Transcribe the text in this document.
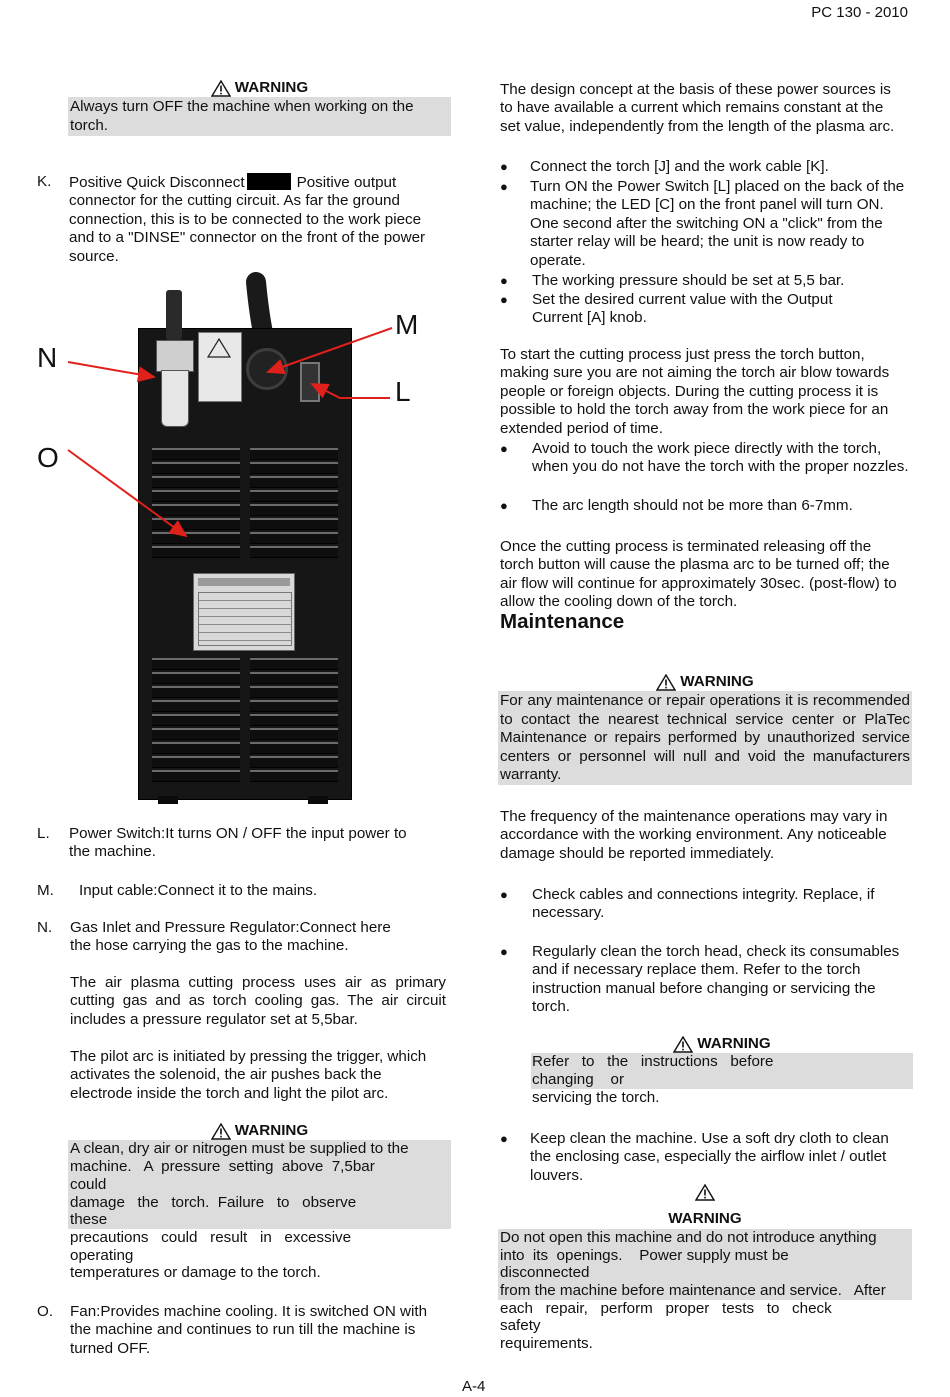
PC 130 - 2010
A-4
WARNING

Always turn OFF the machine when working on the torch.

K. Positive Quick Disconnect	Positive output connector for the cutting circuit. As far the ground connection, this is to be connected to the work piece and to a "DINSE" connector on the front of the power source.
N
O
M
L
L. Power Switch:It turns ON / OFF the input power to the machine.
M. Input cable:Connect it to the mains.
N. Gas Inlet and Pressure Regulator:Connect here the hose carrying the gas to the machine.

The air plasma cutting process uses air as primary cutting gas and as torch cooling gas. The air circuit includes a pressure regulator set at 5,5bar.

The pilot arc is initiated by pressing the trigger, which activates the solenoid, the air pushes back the electrode inside the torch and light the pilot arc.

WARNING
A clean, dry air or nitrogen must be supplied to the
machine.   A  pressure  setting  above  7,5bar
could
damage   the   torch.  Failure   to   observe
these
precautions   could   result   in   excessive
operating
temperatures or damage to the torch.
O. Fan:Provides machine cooling. It is switched ON with the machine and continues to run till the machine is turned OFF.

The design concept at the basis of these power sources is to have available a current which remains constant at the set value, independently from the length of the plasma arc.

● Connect the torch [J] and the work cable [K].
● Turn ON the Power Switch [L] placed on the back of the machine; the LED [C] on the front panel will turn ON. One second after the switching ON a "click" from the starter relay will be heard; the unit is now ready to operate.
● The working pressure should be set at 5,5 bar.
● Set the desired current value with the Output Current [A] knob.

To start the cutting process just press the torch button, making sure you are not aiming the torch air blow towards people or foreign objects. During the cutting process it is possible to hold the torch away from the work piece for an extended period of time.

● Avoid to touch the work piece directly with the torch, when you do not have the torch with the proper nozzles.
● The arc length should not be more than 6-7mm.

Once the cutting process is terminated releasing off the torch button will cause the plasma arc to be turned off; the air flow will continue for approximately 30sec. (post-flow) to allow the cooling down of the torch.

Maintenance
WARNING

For any maintenance or repair operations it is recommended to contact the nearest technical service center or PlaTec Maintenance or repairs performed by unauthorized service centers or personnel will null and void the manufacturers warranty.

The frequency of the maintenance operations may vary in accordance with the working environment. Any noticeable damage should be reported immediately.

● Check cables and connections integrity. Replace, if necessary.
● Regularly clean the torch head, check its consumables and if necessary replace them. Refer to the torch instruction manual before changing or servicing the torch.
WARNING
Refer   to   the   instructions   before
changing    or
servicing the torch.
● Keep clean the machine. Use a soft dry cloth to clean the enclosing case, especially the airflow inlet / outlet louvers.
WARNING
Do not open this machine and do not introduce anything
into  its  openings.    Power supply must be
disconnected
from the machine before maintenance and service.   After
each   repair,   perform   proper   tests   to   check
safety
requirements.
